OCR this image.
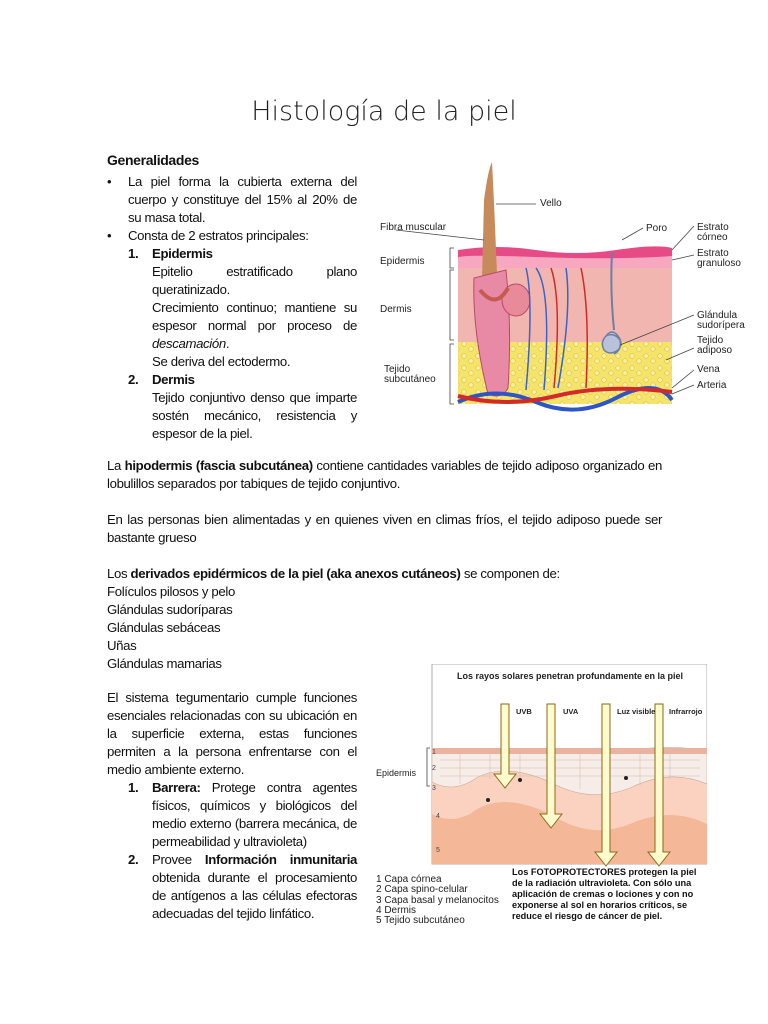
Histología de la piel
Generalidades
• La piel forma la cubierta externa del cuerpo y constituye del 15% al 20% de su masa total.
• Consta de 2 estratos principales:
1. Epidermis
Epitelio estratificado plano queratinizado.
Crecimiento continuo; mantiene su espesor normal por proceso de descamación.
Se deriva del ectodermo.
2. Dermis
Tejido conjuntivo denso que imparte sostén mecánico, resistencia y espesor de la piel.
Vello
Fibra muscular	Poro	Estrato
córneo
Epidermis
Estrato
granuloso
Dermis
Glándula
sudorípera
Tejido
adiposo
Tejido
subcutáneo
Vena
Arteria
La hipodermis (fascia subcutánea) contiene cantidades variables de tejido adiposo organizado en lobulillos separados por tabiques de tejido conjuntivo.
En las personas bien alimentadas y en quienes viven en climas fríos, el tejido adiposo puede ser bastante grueso
Los derivados epidérmicos de la piel (aka anexos cutáneos) se componen de:
Folículos pilosos y pelo
Glándulas sudoríparas
Glándulas sebáceas
Uñas
Glándulas mamarias
El sistema tegumentario cumple funciones esenciales relacionadas con su ubicación en la superficie externa, estas funciones permiten a la persona enfrentarse con el medio ambiente externo.
1. Barrera: Protege contra agentes físicos, químicos y biológicos del medio externo (barrera mecánica, de permeabilidad y ultravioleta)
2. Provee Información inmunitaria obtenida durante el procesamiento de antígenos a las células efectoras adecuadas del tejido linfático.
Los rayos solares penetran profundamente en la piel
1
2
3
4
5
Epidermis
UVB	UVA	Luz visible Infrarrojo
1 Capa córnea
2 Capa spino-celular
3 Capa basal y melanocitos
4 Dermis
5 Tejido subcutáneo
Los FOTOPROTECTORES protegen la piel de la radiación ultravioleta. Con sólo una aplicación de cremas o lociones y con no exponerse al sol en horarios críticos, se reduce el riesgo de cáncer de piel.
